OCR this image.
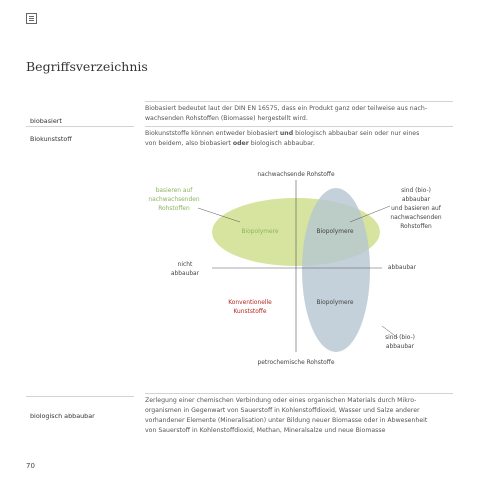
Begriffsverzeichnis
Biobasiert bedeutet laut der DIN EN 16575, dass ein Produkt ganz oder teilweise aus nach-
wachsenden Rohstoffen (Biomasse) hergestellt wird.
biobasiert
Biokunststoffe können entweder biobasiert und biologisch abbaubar sein oder nur eines
von beidem, also biobasiert oder biologisch abbaubar.
Biokunststoff
nachwachsende Rohstoffe
basieren auf
nachwachsenden
Rohstoffen
sind (bio-)
abbaubar
und basieren auf
nachwachsenden
Rohstoffen
Biopolymere	Biopolymere
nicht
abbaubar
abbaubar
Konventionelle
Kunststoffe
Biopolymere
sind (bio-)
abbaubar
petrochemische Rohstoffe
Zerlegung einer chemischen Verbindung oder eines organischen Materials durch Mikro-
organismen in Gegenwart von Sauerstoff in Kohlenstoffdioxid, Wasser und Salze anderer
vorhandener Elemente (Mineralisation) unter Bildung neuer Biomasse oder in Abwesenheit
von Sauerstoff in Kohlenstoffdioxid, Methan, Mineralsalze und neue Biomasse
biologisch abbaubar
70
